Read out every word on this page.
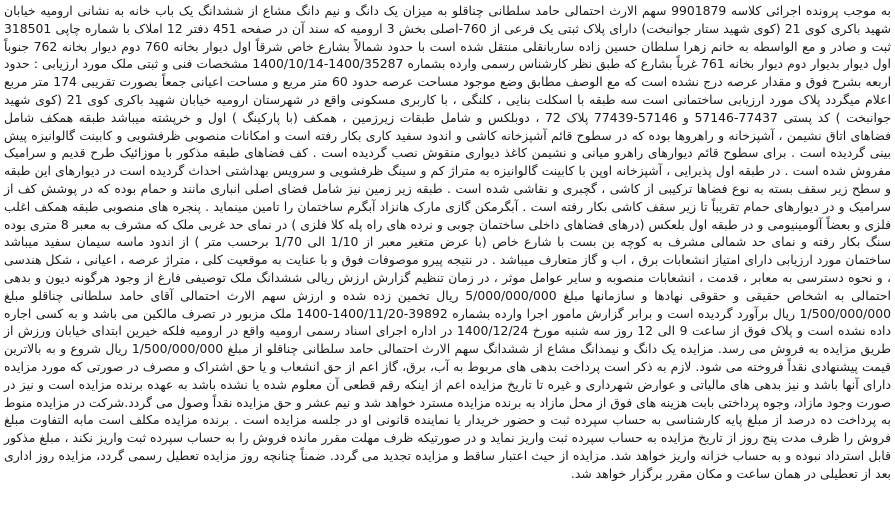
به موجب پرونده اجرائی کلاسه 9901879 سهم الارث احتمالی حامد سلطانی چناقلو به میزان یک دانگ و نیم دانگ مشاع از ششدانگ یک باب خانه به نشانی ارومیه خیابان شهید باکری کوی 21 (کوی شهید ستار جوانبخت) دارای پلاک ثبتی یک فرعی از 760-اصلی بخش 3 ارومیه که سند آن در صفحه 451 دفتر 12 املاک با شماره چاپی 318501 ثبت و صادر و مع الواسطه به خانم زهرا سلطان حسین زاده ساربانقلی منتقل شده است با حدود شمالاً بشارع خاص شرقاً اول دیوار بخانه 760 دوم دیوار بخانه 762 جنوباً اول دیوار بدیوار دوم دیوار بخانه 761 غرباً بشارع که طبق نظر کارشناس رسمی وارده بشماره 1400/35287-1400/10/14 مشخصات فنی و ثبتی ملک مورد ارزیابی : حدود اربعه بشرح فوق و مقدار عرصه درج نشده است که مع الوصف مطابق وضع موجود مساحت عرصه حدود 60 متر مربع و مساحت اعیانی جمعاً بصورت تقریبی 174 متر مربع اعلام میگردد پلاک مورد ارزیابی ساختمانی است سه طبقه با اسکلت بنایی ، کلنگی ، با کاربری مسکونی واقع در شهرستان ارومیه خیابان شهید باکری کوی 21 (کوی شهید جوانبخت ) کد پستی 77437-57146 و 57146-77439 پلاک 72 ، دوبلکس و شامل طبقات زیرزمین ، همکف (با پارکینگ ) اول و خرپشته میباشد طبقه همکف شامل فضاهای اتاق نشیمن ، آشپزخانه و راهروها بوده که در سطوح قائم آشپزخانه کاشی و اندود سفید کاری بکار رفته است و امکانات منصوبی ظرفشویی و کابینت گالوانیزه پیش بینی گردیده است . برای سطوح قائم دیوارهای راهرو میانی و نشیمن کاغذ دیواری منقوش نصب گردیده است . کف فضاهای طبقه مذکور با موزائیک طرح قدیم و سرامیک مفروش شده است . در طبقه اول پذیرایی ، آشپزخانه اوپن با کابینت گالوانیزه به متراژ کم و سینگ ظرفشویی و سرویس بهداشتی احداث گردیده است در دیوارهای این طبقه و سطح زیر سقف بسته به نوع فضاها ترکیبی از کاشی ، گچبری و نقاشی شده است . طبقه زیر زمین نیز شامل فضای اصلی انباری مانند و حمام بوده که در پوشش کف از سرامیک و در دیوارهای حمام تقریباً تا زیر سقف کاشی بکار رفته است . آبگرمکن گازی مارک هانزاد آبگرم ساختمان را تامین مینماید . پنجره های منصوبی طبقه همکف اغلب فلزی و بعضاً آلومینیومی و در طبقه اول بلعکس (درهای فضاهای داخلی ساختمان چوبی و نرده های راه پله کلا فلزی ) در نمای حد غربی ملک که مشرف به معبر 8 متری بوده سنگ بکار رفته و نمای حد شمالی مشرف به کوچه بن بست با شارع خاص (با عرض متغیر معبر از 1/10 الی 1/70 برحسب متر ) از اندود ماسه سیمان سفید میباشد ساختمان مورد ارزیابی دارای امتیاز انشعابات برق ، اب و گاز متعارف میباشد . در نتیجه پیرو موصوفات فوق و با عنایت به موقعیت کلی ، متراژ عرصه ، اعیانی ، شکل هندسی ، و نحوه دسترسی به معابر ، قدمت ، انشعابات منصوبه و سایر عوامل موثر ، در زمان تنظیم گزارش ارزش ریالی ششدانگ ملک توصیفی فارغ از وجود هرگونه دیون و بدهی احتمالی به اشخاص حقیقی و حقوقی نهادها و سازمانها مبلغ 5/000/000/000 ریال تخمین زده شده و ارزش سهم الارث احتمالی آقای حامد سلطانی چناقلو مبلغ 1/500/000/000 ریال برآورد گردیده است و برابر گزارش مامور اجرا وارده بشماره 39892-1400/11/20-1400 ملک مزبور در تصرف مالکین می باشد و به کسی اجاره داده نشده است و پلاک فوق از ساعت 9 الی 12 روز سه شنبه مورخ 1400/12/24 در اداره اجرای اسناد رسمی ارومیه واقع در ارومیه فلکه خیرین ابتدای خیابان ورزش از طریق مزایده به فروش می رسد. مزایده یک دانگ و نیمدانگ مشاع از ششدانگ سهم الارث احتمالی حامد سلطانی چناقلو از مبلغ 1/500/000/000 ریال شروع و به بالاترین قیمت پیشنهادی نقداً فروخته می شود. لازم به ذکر است پرداخت بدهی های مربوط به آب، برق، گاز اعم از حق انشعاب و یا حق اشتراک و مصرف در صورتی که مورد مزایده دارای آنها باشد و نیز بدهی های مالیاتی و عوارض شهرداری و غیره تا تاریخ مزایده اعم از اینکه رقم قطعی آن معلوم شده یا نشده باشد به عهده برنده مزایده است و نیز در صورت وجود مازاد، وجوه پرداختی بابت هزینه های فوق از محل مازاد به برنده مزایده مسترد خواهد شد و نیم عشر و حق مزایده نقداً وصول می گردد.شرکت در مزایده منوط به پرداخت ده درصد از مبلغ پایه کارشناسی به حساب سپرده ثبت و حضور خریدار یا نماینده قانونی او در جلسه مزایده است . برنده مزایده مکلف است مابه التفاوت مبلغ فروش را ظرف مدت پنج روز از تاریخ مزایده به حساب سپرده ثبت واریز نماید و در صورتیکه ظرف مهلت مقرر مانده فروش را به حساب سپرده ثبت واریز نکند ، مبلغ مذکور قابل استرداد نبوده و به حساب خزانه واریز خواهد شد. مزایده از حیث اعتبار ساقط و مزایده تجدید می گردد. ضمناً چنانچه روز مزایده تعطیل رسمی گردد، مزایده روز اداری بعد از تعطیلی در همان ساعت و مکان مقرر برگزار خواهد شد.
